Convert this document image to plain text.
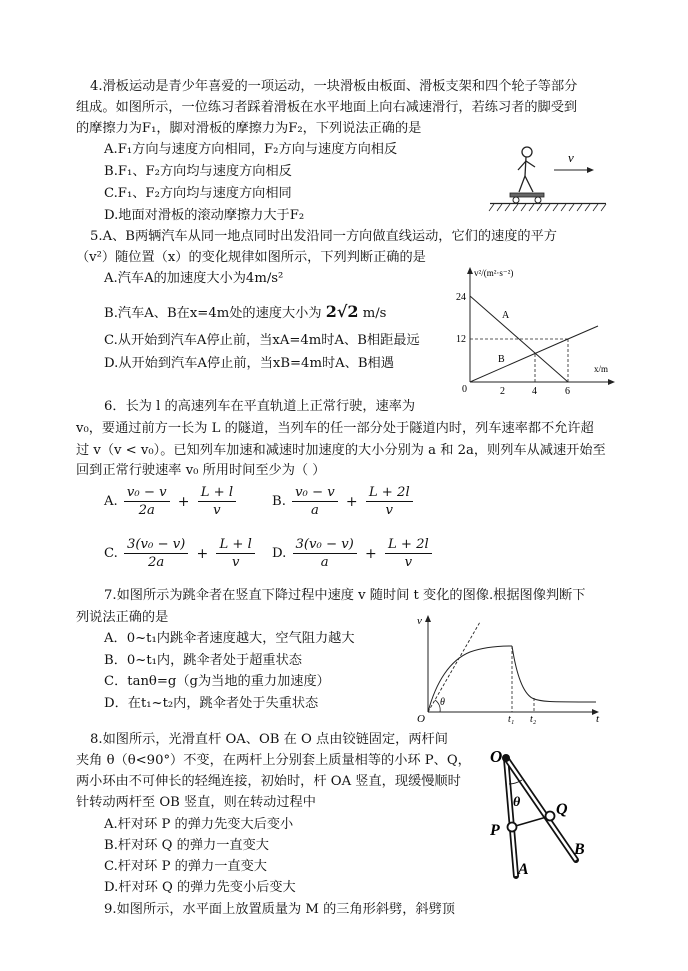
4.滑板运动是青少年喜爱的一项运动，一块滑板由板面、滑板支架和四个轮子等部分
组成。如图所示，一位练习者踩着滑板在水平地面上向右减速滑行，若练习者的脚受到
的摩擦力为F₁，脚对滑板的摩擦力为F₂，下列说法正确的是
A.F₁方向与速度方向相同，F₂方向与速度方向相反
B.F₁、F₂方向均与速度方向相反
C.F₁、F₂方向均与速度方向相同
D.地面对滑板的滚动摩擦力大于F₂
v
5.A、B两辆汽车从同一地点同时出发沿同一方向做直线运动，它们的速度的平方
（v²）随位置（x）的变化规律如图所示，下列判断正确的是
A.汽车A的加速度大小为4m/s²
B.汽车A、B在x=4m处的速度大小为 2√2 m/s
C.从开始到汽车A停止前，当xA=4m时A、B相距最远
D.从开始到汽车A停止前，当xB=4m时A、B相遇
24
12
2	4	6
0
v²/(m²·s⁻²)
x/m
A
B
6．长为 l 的高速列车在平直轨道上正常行驶，速率为
v₀，要通过前方一长为 L 的隧道，当列车的任一部分处于隧道内时，列车速率都不允许超
过 v（v < v₀）。已知列车加速和减速时加速度的大小分别为 a 和 2a，则列车从减速开始至
回到正常行驶速率 v₀ 所用时间至少为（ ）
A. $\frac{\text{v₀ − v}}{2a} + \frac{L + l}{v}$	B. $\frac{\text{v₀ − v}}{a} + \frac{L + 2l}{v}$
C. $\frac{\text{3(v₀ − v)}}{2a} + \frac{L + l}{v} D$. $\frac{\text{3(v₀ − v)}}{a} + \frac{L + 2l}{v}$
7.如图所示为跳伞者在竖直下降过程中速度 v 随时间 t 变化的图像.根据图像判断下
列说法正确的是
A．0~t₁内跳伞者速度越大，空气阻力越大
B．0~t₁内，跳伞者处于超重状态
C．tanθ=g（g为当地的重力加速度）
D．在t₁~t₂内，跳伞者处于失重状态
v
t
O
θ
t₁ t₂
8.如图所示，光滑直杆 OA、OB 在 O 点由铰链固定，两杆间
夹角 θ（θ<90°）不变，在两杆上分别套上质量相等的小环 P、Q，
两小环由不可伸长的轻绳连接，初始时，杆 OA 竖直，现缓慢顺时
针转动两杆至 OB 竖直，则在转动过程中
A.杆对环 P 的弹力先变大后变小
B.杆对环 Q 的弹力一直变大
C.杆对环 P 的弹力一直变大
D.杆对环 Q 的弹力先变小后变大
O
θ
P
Q
A
B
9.如图所示，水平面上放置质量为 M 的三角形斜劈，斜劈顶
